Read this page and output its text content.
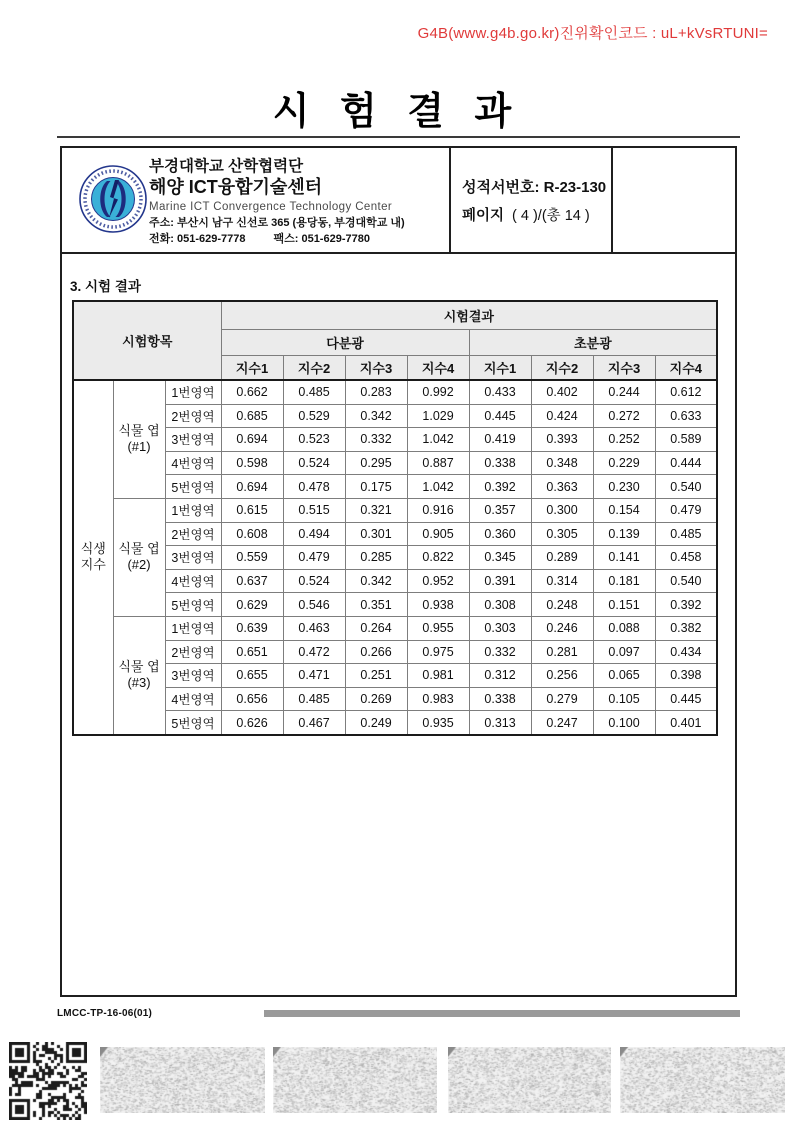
G4B(www.g4b.go.kr)진위확인코드 : uL+kVsRTUNI=
시 험 결 과
부경대학교 산학협력단
해양 ICT융합기술센터
Marine ICT Convergence Technology Center
주소: 부산시 남구 신선로 365 (용당동, 부경대학교 내)
전화: 051-629-7778	팩스: 051-629-7780
성적서번호: R-23-130
페이지 ( 4 )/(총 14 )
3. 시험 결과
시험항목			시험결과							
			다분광				초분광			
			지수1	지수2	지수3	지수4	지수1	지수2	지수3	지수4

식생
지수

식물 엽
(#1)
	1번영역	0.662	0.485	0.283	0.992	0.433	0.402	0.244	0.612
		2번영역	0.685	0.529	0.342	1.029	0.445	0.424	0.272	0.633
		3번영역	0.694	0.523	0.332	1.042	0.419	0.393	0.252	0.589
		4번영역	0.598	0.524	0.295	0.887	0.338	0.348	0.229	0.444
		5번영역	0.694	0.478	0.175	1.042	0.392	0.363	0.230	0.540

	식물 엽
(#2)	1번영역	0.615	0.515	0.321	0.916	0.357	0.300	0.154	0.479
		2번영역	0.608	0.494	0.301	0.905	0.360	0.305	0.139	0.485
		3번영역	0.559	0.479	0.285	0.822	0.345	0.289	0.141	0.458
		4번영역	0.637	0.524	0.342	0.952	0.391	0.314	0.181	0.540
		5번영역	0.629	0.546	0.351	0.938	0.308	0.248	0.151	0.392

	식물 엽
(#3)	1번영역	0.639	0.463	0.264	0.955	0.303	0.246	0.088	0.382
		2번영역	0.651	0.472	0.266	0.975	0.332	0.281	0.097	0.434
		3번영역	0.655	0.471	0.251	0.981	0.312	0.256	0.065	0.398
		4번영역	0.656	0.485	0.269	0.983	0.338	0.279	0.105	0.445
		5번영역	0.626	0.467	0.249	0.935	0.313	0.247	0.100	0.401
LMCC-TP-16-06(01)
